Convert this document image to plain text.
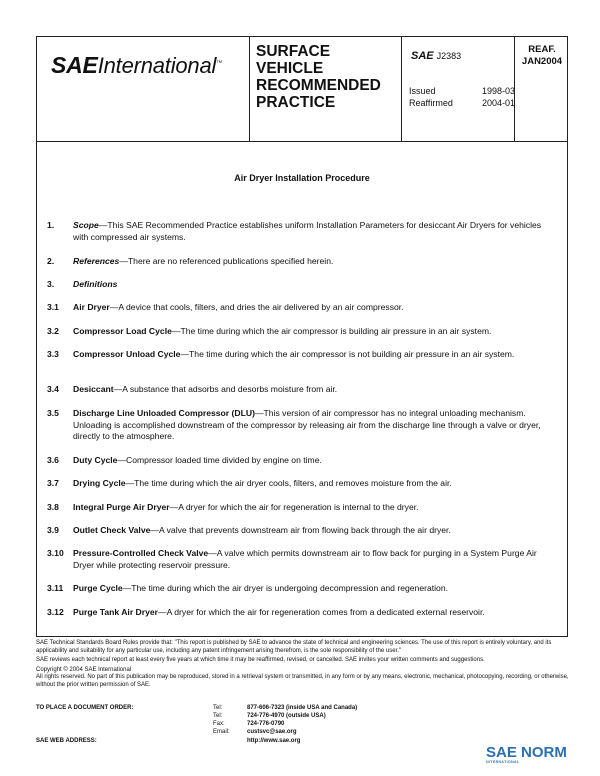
SAEInternational™
SURFACE
VEHICLE
RECOMMENDED
PRACTICE
SAE J2383
Issued	1998-03
Reaffirmed	2004-01
REAF.
JAN2004
Air Dryer Installation Procedure
1. Scope—This SAE Recommended Practice establishes uniform Installation Parameters for desiccant Air Dryers for vehicles with compressed air systems.
2. References—There are no referenced publications specified herein.
3. Definitions
3.1 Air Dryer—A device that cools, filters, and dries the air delivered by an air compressor.
3.2 Compressor Load Cycle—The time during which the air compressor is building air pressure in an air system.
3.3 Compressor Unload Cycle—The time during which the air compressor is not building air pressure in an air system.
3.4 Desiccant—A substance that adsorbs and desorbs moisture from air.
3.5 Discharge Line Unloaded Compressor (DLU)—This version of air compressor has no integral unloading mechanism. Unloading is accomplished downstream of the compressor by releasing air from the discharge line through a valve or dryer, directly to the atmosphere.
3.6 Duty Cycle—Compressor loaded time divided by engine on time.
3.7 Drying Cycle—The time during which the air dryer cools, filters, and removes moisture from the air.
3.8 Integral Purge Air Dryer—A dryer for which the air for regeneration is internal to the dryer.
3.9 Outlet Check Valve—A valve that prevents downstream air from flowing back through the air dryer.
3.10 Pressure-Controlled Check Valve—A valve which permits downstream air to flow back for purging in a System Purge Air Dryer while protecting reservoir pressure.
3.11 Purge Cycle—The time during which the air dryer is undergoing decompression and regeneration.
3.12 Purge Tank Air Dryer—A dryer for which the air for regeneration comes from a dedicated external reservoir.

SAE Technical Standards Board Rules provide that: "This report is published by SAE to advance the state of technical and engineering sciences. The use of this report is entirely voluntary, and its applicability and suitability for any particular use, including any patent infringement arising therefrom, is the sole responsibility of the user."

SAE reviews each technical report at least every five years at which time it may be reaffirmed, revised, or cancelled. SAE invites your written comments and suggestions.

Copyright © 2004 SAE International

All rights reserved. No part of this publication may be reproduced, stored in a retrieval system or transmitted, in any form or by any means, electronic, mechanical, photocopying, recording, or otherwise, without the prior written permission of SAE.

TO PLACE A DOCUMENT ORDER:	Tel:	877-606-7323 (inside USA and Canada)
Tel:	724-776-4970 (outside USA)
Fax:	724-776-0790
Email:	custsvc@sae.org
SAE WEB ADDRESS:	http://www.sae.org
SAE NORM
INTERNATIONAL
